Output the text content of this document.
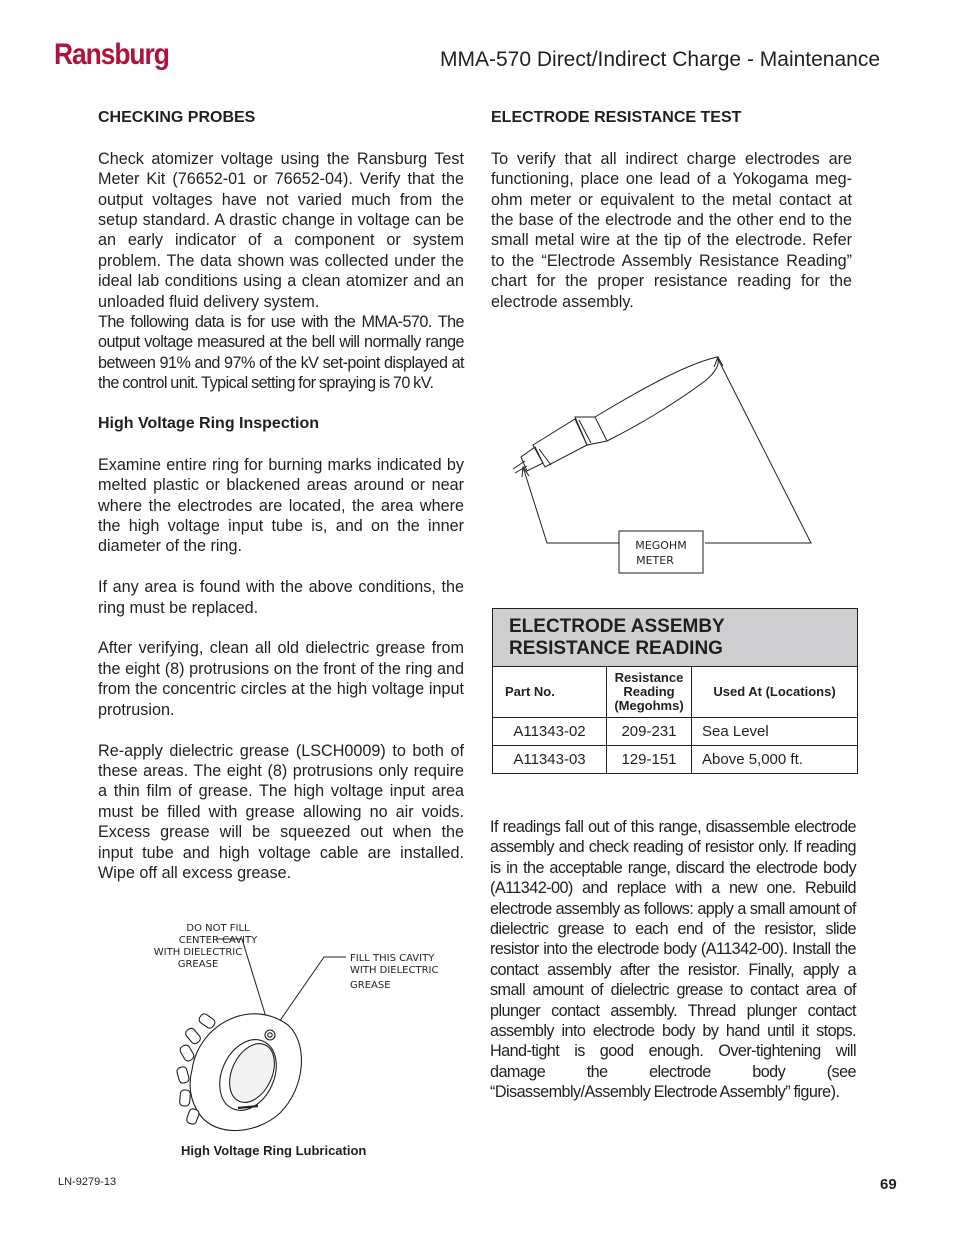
Ransburg	MMA-570 Direct/Indirect Charge - Maintenance
CHECKING PROBES

Check atomizer voltage using the Ransburg Test Meter Kit (76652-01 or 76652-04). Verify that the output voltages have not varied much from the setup standard. A drastic change in voltage can be an early indicator of a component or system problem. The data shown was collected under the ideal lab conditions using a clean atomizer and an unloaded fluid delivery system.

The following data is for use with the MMA-570. The output voltage measured at the bell will normally range between 91% and 97% of the kV set-point displayed at the control unit. Typical setting for spraying is 70 kV.

High Voltage Ring Inspection

Examine entire ring for burning marks indicated by melted plastic or blackened areas around or near where the electrodes are located, the area where the high voltage input tube is, and on the inner diameter of the ring.

If any area is found with the above conditions, the ring must be replaced.

After verifying, clean all old dielectric grease from the eight (8) protrusions on the front of the ring and from the concentric circles at the high voltage input protrusion.

Re-apply dielectric grease (LSCH0009) to both of these areas. The eight (8) protrusions only require a thin film of grease. The high voltage input area must be filled with grease allowing no air voids. Excess grease will be squeezed out when the input tube and high voltage cable are installed. Wipe off all excess grease.

DO NOT FILL
CENTER CAVITY
WITH DIELECTRIC
GREASE
FILL THIS CAVITY
WITH DIELECTRIC
GREASE
High Voltage Ring Lubrication
ELECTRODE RESISTANCE TEST

To verify that all indirect charge electrodes are functioning, place one lead of a Yokogama meg-ohm meter or equivalent to the metal contact at the base of the electrode and the other end to the small metal wire at the tip of the electrode. Refer to the “Electrode Assembly Resistance Reading” chart for the proper resistance reading for the electrode assembly.

MEGOHM
METER
ELECTRODE ASSEMBY RESISTANCE READING		
Part No.	Resistance Reading (Megohms)	Used At (Locations)
A11343-02	209-231	Sea Level
A11343-03	129-151	Above 5,000 ft.

If readings fall out of this range, disassemble electrode assembly and check reading of resistor only. If reading is in the acceptable range, discard the electrode body (A11342-00) and replace with a new one. Rebuild electrode assembly as follows: apply a small amount of dielectric grease to each end of the resistor, slide resistor into the electrode body (A11342-00). Install the contact assembly after the resistor. Finally, apply a small amount of dielectric grease to contact area of plunger contact assembly. Thread plunger contact assembly into electrode body by hand until it stops. Hand-tight is good enough. Over-tightening will damage the electrode body (see “Disassembly/Assembly Electrode Assembly” figure).

LN-9279-13	69
